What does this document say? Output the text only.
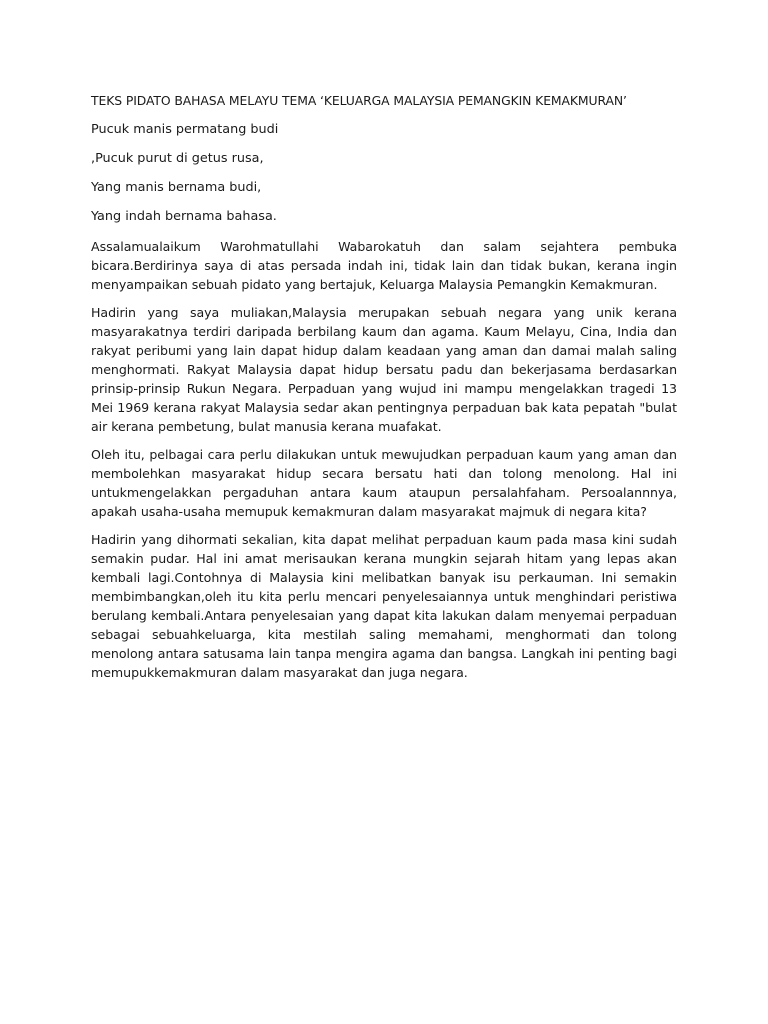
TEKS PIDATO BAHASA MELAYU TEMA ‘KELUARGA MALAYSIA PEMANGKIN KEMAKMURAN’
Pucuk manis permatang budi
,Pucuk purut di getus rusa,
Yang manis bernama budi,
Yang indah bernama bahasa.

Assalamualaikum Warohmatullahi Wabarokatuh dan salam sejahtera pembuka bicara.Berdirinya saya di atas persada indah ini, tidak lain dan tidak bukan, kerana ingin menyampaikan sebuah pidato yang bertajuk, Keluarga Malaysia Pemangkin Kemakmuran.

Hadirin yang saya muliakan,Malaysia merupakan sebuah negara yang unik kerana masyarakatnya terdiri daripada berbilang kaum dan agama. Kaum Melayu, Cina, India dan rakyat peribumi yang lain dapat hidup dalam keadaan yang aman dan damai malah saling menghormati. Rakyat Malaysia dapat hidup bersatu padu dan bekerjasama berdasarkan prinsip-prinsip Rukun Negara. Perpaduan yang wujud ini mampu mengelakkan tragedi 13 Mei 1969 kerana rakyat Malaysia sedar akan pentingnya perpaduan bak kata pepatah "bulat air kerana pembetung, bulat manusia kerana muafakat.

Oleh itu, pelbagai cara perlu dilakukan untuk mewujudkan perpaduan kaum yang aman dan membolehkan masyarakat hidup secara bersatu hati dan tolong menolong. Hal ini untukmengelakkan pergaduhan antara kaum ataupun persalahfaham. Persoalannnya, apakah usaha-usaha memupuk kemakmuran dalam masyarakat majmuk di negara kita?

Hadirin yang dihormati sekalian, kita dapat melihat perpaduan kaum pada masa kini sudah semakin pudar. Hal ini amat merisaukan kerana mungkin sejarah hitam yang lepas akan kembali lagi.Contohnya di Malaysia kini melibatkan banyak isu perkauman. Ini semakin membimbangkan,oleh itu kita perlu mencari penyelesaiannya untuk menghindari peristiwa berulang kembali.Antara penyelesaian yang dapat kita lakukan dalam menyemai perpaduan sebagai sebuahkeluarga, kita mestilah saling memahami, menghormati dan tolong menolong antara satusama lain tanpa mengira agama dan bangsa. Langkah ini penting bagi memupukkemakmuran dalam masyarakat dan juga negara.
